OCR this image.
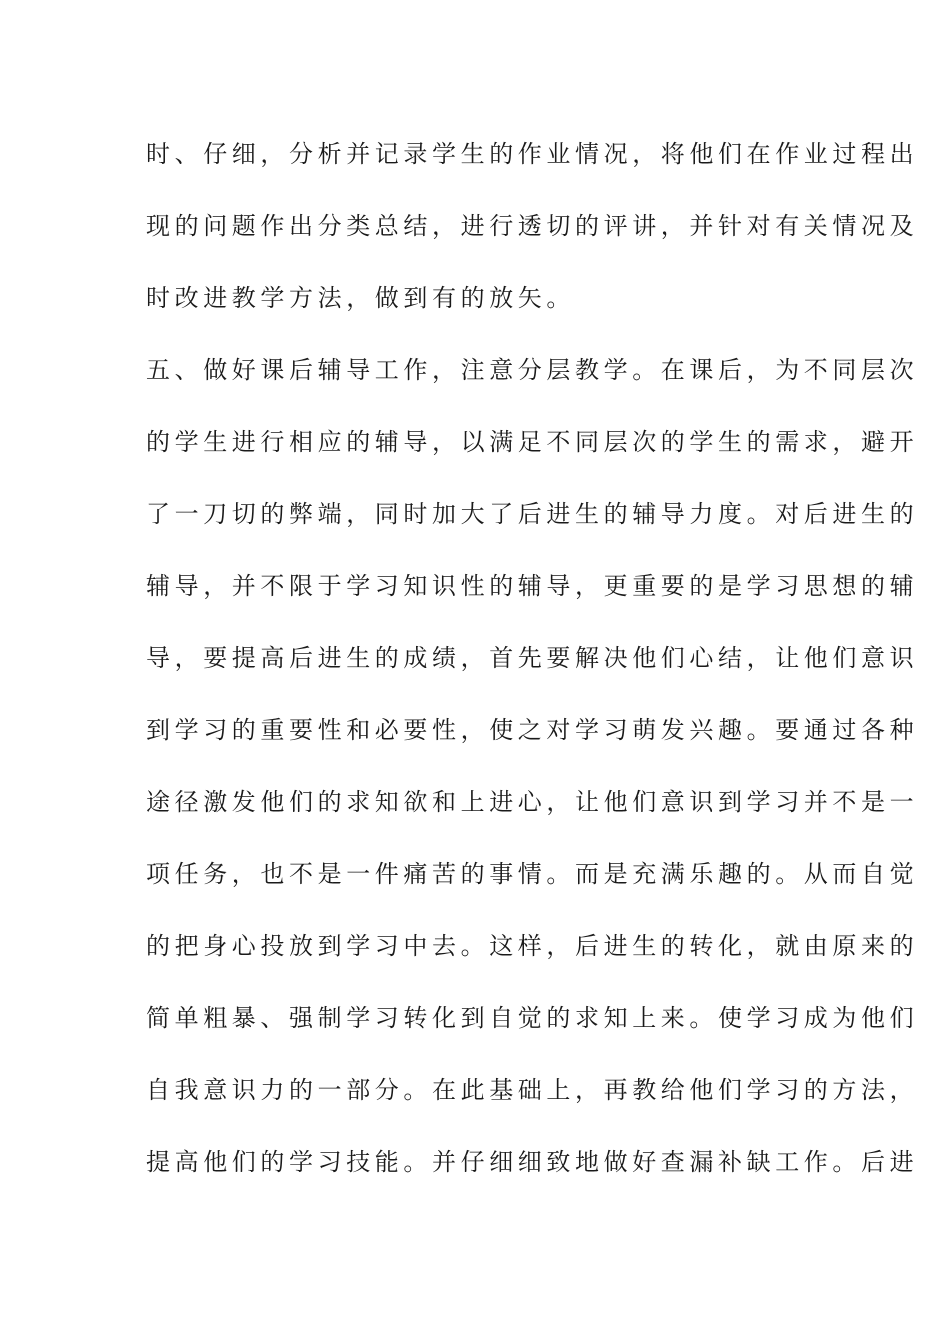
时、仔细，分析并记录学生的作业情况，将他们在作业过程出
现的问题作出分类总结，进行透切的评讲，并针对有关情况及
时改进教学方法，做到有的放矢。
五、做好课后辅导工作，注意分层教学。在课后，为不同层次
的学生进行相应的辅导，以满足不同层次的学生的需求，避开
了一刀切的弊端，同时加大了后进生的辅导力度。对后进生的
辅导，并不限于学习知识性的辅导，更重要的是学习思想的辅
导，要提高后进生的成绩，首先要解决他们心结，让他们意识
到学习的重要性和必要性，使之对学习萌发兴趣。要通过各种
途径激发他们的求知欲和上进心，让他们意识到学习并不是一
项任务，也不是一件痛苦的事情。而是充满乐趣的。从而自觉
的把身心投放到学习中去。这样，后进生的转化，就由原来的
简单粗暴、强制学习转化到自觉的求知上来。使学习成为他们
自我意识力的一部分。在此基础上，再教给他们学习的方法，
提高他们的学习技能。并仔细细致地做好查漏补缺工作。后进
